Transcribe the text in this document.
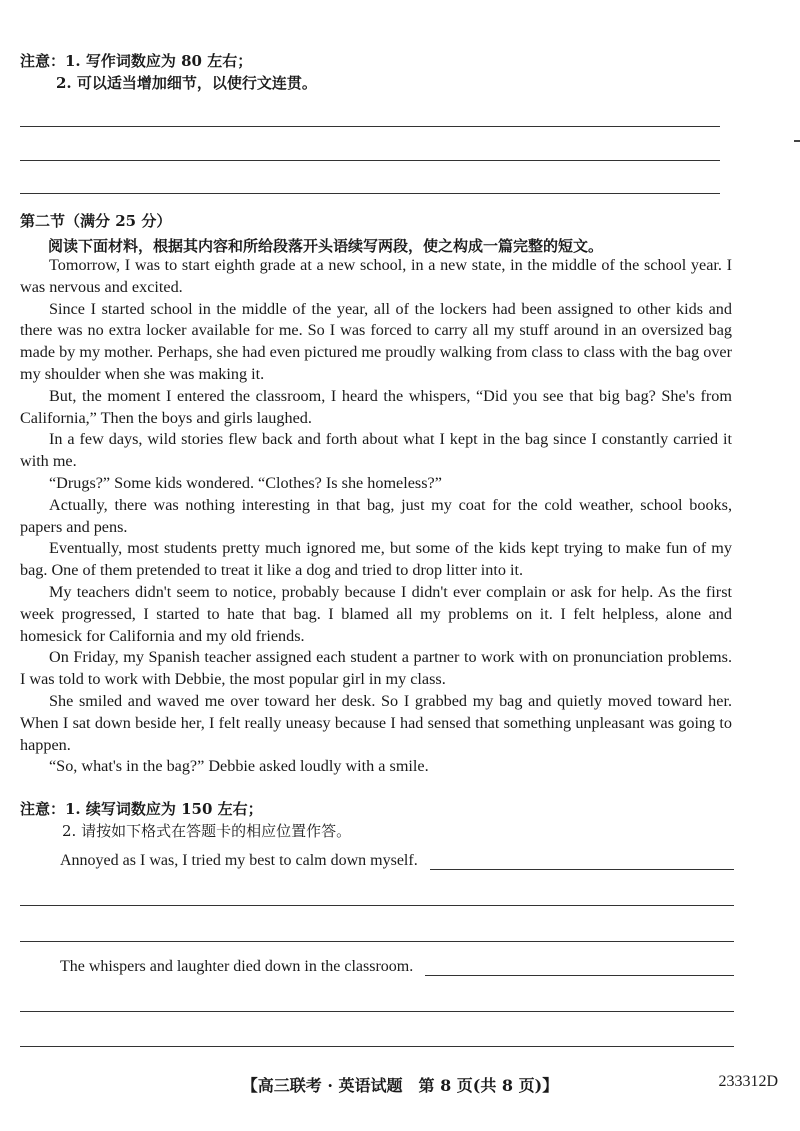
注意：1. 写作词数应为 80 左右；
2. 可以适当增加细节，以使行文连贯。
第二节（满分 25 分）
阅读下面材料，根据其内容和所给段落开头语续写两段，使之构成一篇完整的短文。

Tomorrow, I was to start eighth grade at a new school, in a new state, in the middle of the school year. I was nervous and excited.

Since I started school in the middle of the year, all of the lockers had been assigned to other kids and there was no extra locker available for me. So I was forced to carry all my stuff around in an oversized bag made by my mother. Perhaps, she had even pictured me proudly walking from class to class with the bag over my shoulder when she was making it.

But, the moment I entered the classroom, I heard the whispers, “Did you see that big bag? She's from California,” Then the boys and girls laughed.

In a few days, wild stories flew back and forth about what I kept in the bag since I constantly carried it with me.

“Drugs?” Some kids wondered. “Clothes? Is she homeless?”

Actually, there was nothing interesting in that bag, just my coat for the cold weather, school books, papers and pens.

Eventually, most students pretty much ignored me, but some of the kids kept trying to make fun of my bag. One of them pretended to treat it like a dog and tried to drop litter into it.

My teachers didn't seem to notice, probably because I didn't ever complain or ask for help. As the first week progressed, I started to hate that bag. I blamed all my problems on it. I felt helpless, alone and homesick for California and my old friends.

On Friday, my Spanish teacher assigned each student a partner to work with on pronunciation problems. I was told to work with Debbie, the most popular girl in my class.

She smiled and waved me over toward her desk. So I grabbed my bag and quietly moved toward her. When I sat down beside her, I felt really uneasy because I had sensed that something unpleasant was going to happen.

“So, what's in the bag?” Debbie asked loudly with a smile.

注意：1. 续写词数应为 150 左右；
2. 请按如下格式在答题卡的相应位置作答。
Annoyed as I was, I tried my best to calm down myself.
The whispers and laughter died down in the classroom.
【高三联考 · 英语试题　第 8 页(共 8 页)】	233312D
